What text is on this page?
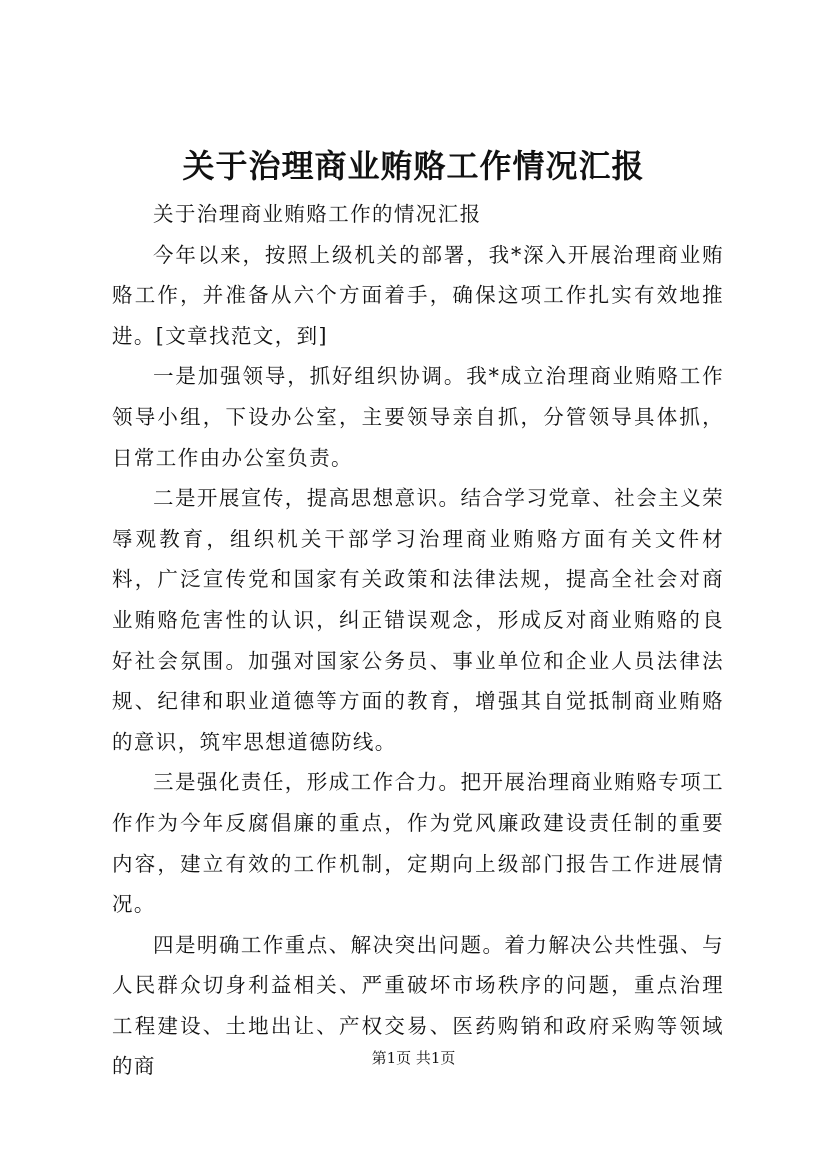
关于治理商业贿赂工作情况汇报

关于治理商业贿赂工作的情况汇报

今年以来，按照上级机关的部署，我*深入开展治理商业贿赂工作，并准备从六个方面着手，确保这项工作扎实有效地推进。[文章找范文，到]

一是加强领导，抓好组织协调。我*成立治理商业贿赂工作领导小组，下设办公室，主要领导亲自抓，分管领导具体抓，日常工作由办公室负责。

二是开展宣传，提高思想意识。结合学习党章、社会主义荣辱观教育，组织机关干部学习治理商业贿赂方面有关文件材料，广泛宣传党和国家有关政策和法律法规，提高全社会对商业贿赂危害性的认识，纠正错误观念，形成反对商业贿赂的良好社会氛围。加强对国家公务员、事业单位和企业人员法律法规、纪律和职业道德等方面的教育，增强其自觉抵制商业贿赂的意识，筑牢思想道德防线。

三是强化责任，形成工作合力。把开展治理商业贿赂专项工作作为今年反腐倡廉的重点，作为党风廉政建设责任制的重要内容，建立有效的工作机制，定期向上级部门报告工作进展情况。

四是明确工作重点、解决突出问题。着力解决公共性强、与人民群众切身利益相关、严重破坏市场秩序的问题，重点治理工程建设、土地出让、产权交易、医药购销和政府采购等领域的商	第1页 共1页
